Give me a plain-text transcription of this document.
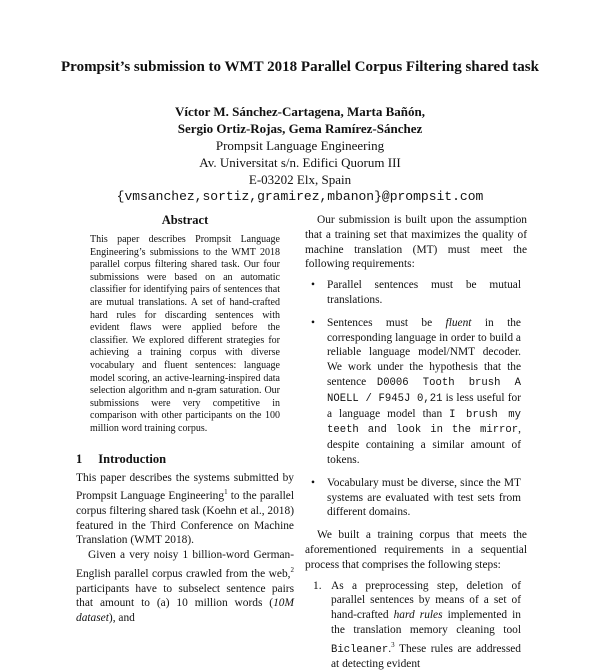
Prompsit’s submission to WMT 2018 Parallel Corpus Filtering shared task
Víctor M. Sánchez-Cartagena, Marta Bañón,
Sergio Ortiz-Rojas, Gema Ramírez-Sánchez
Prompsit Language Engineering
Av. Universitat s/n. Edifici Quorum III
E-03202 Elx, Spain
{vmsanchez,sortiz,gramirez,mbanon}@prompsit.com
Abstract

This paper describes Prompsit Language Engineering’s submissions to the WMT 2018 parallel corpus filtering shared task. Our four submissions were based on an automatic classifier for identifying pairs of sentences that are mutual translations. A set of hand-crafted hard rules for discarding sentences with evident flaws were applied before the classifier. We explored different strategies for achieving a training corpus with diverse vocabulary and fluent sentences: language model scoring, an active-learning-inspired data selection algorithm and n-gram saturation. Our submissions were very competitive in comparison with other participants on the 100 million word training corpus.

1 Introduction

This paper describes the systems submitted by Prompsit Language Engineering$^1$ to the parallel corpus filtering shared task (Koehn et al., 2018) featured in the Third Conference on Machine Translation (WMT 2018).

Given a very noisy 1 billion-word German-English parallel corpus crawled from the web,$^2$ participants have to subselect sentence pairs that amount to (a) 10 million words (10M dataset), and

Our submission is built upon the assumption that a training set that maximizes the quality of machine translation (MT) must meet the following requirements:

• Parallel sentences must be mutual translations.
• Sentences must be fluent in the corresponding language in order to build a reliable language model/NMT decoder. We work under the hypothesis that the sentence D0006 Tooth brush A NOELL / F945J 0,21 is less useful for a language model than I brush my teeth and look in the mirror, despite containing a similar amount of tokens.
• Vocabulary must be diverse, since the MT systems are evaluated with test sets from different domains.

We built a training corpus that meets the aforementioned requirements in a sequential process that comprises the following steps:

1. As a preprocessing step, deletion of parallel sentences by means of a set of hand-crafted hard rules implemented in the translation memory cleaning tool Bicleaner.$^3$ These rules are addressed at detecting evident
